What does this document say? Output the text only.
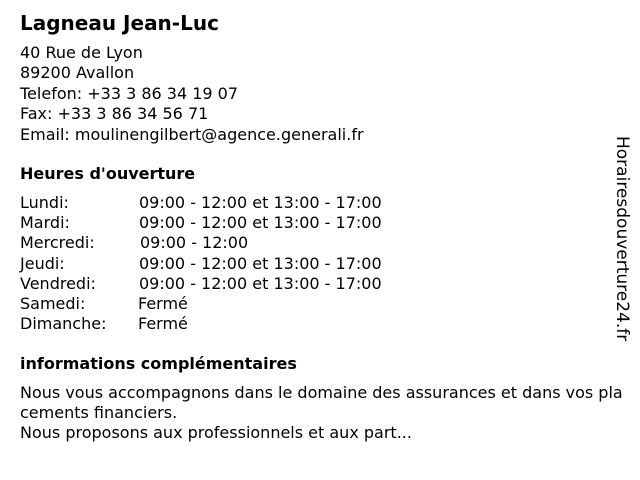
Lagneau Jean-Luc
40 Rue de Lyon
89200 Avallon
Telefon: +33 3 86 34 19 07
Fax: +33 3 86 34 56 71
Email: moulinengilbert@agence.generali.fr
Heures d'ouverture
Lundi:	09:00 - 12:00 et 13:00 - 17:00
Mardi:	09:00 - 12:00 et 13:00 - 17:00
Mercredi:	09:00 - 12:00
Jeudi:	09:00 - 12:00 et 13:00 - 17:00
Vendredi:	09:00 - 12:00 et 13:00 - 17:00
Samedi:	Fermé
Dimanche: Fermé
informations complémentaires
Nous vous accompagnons dans le domaine des assurances et dans vos placements financiers.
Nous proposons aux professionnels et aux part...
Horairesdouverture24.fr
